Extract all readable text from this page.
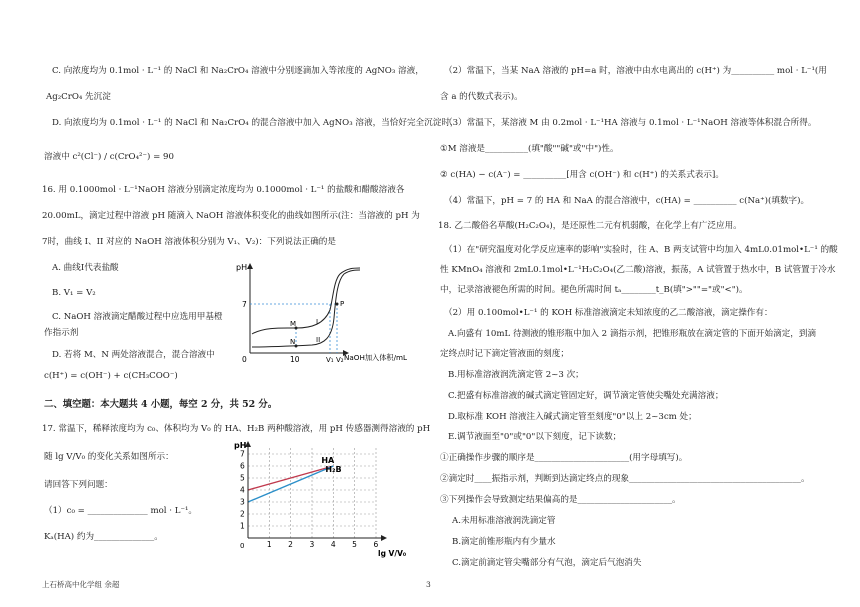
C. 向浓度均为 0.1mol · L⁻¹ 的 NaCl 和 Na₂CrO₄ 溶液中分别逐滴加入等浓度的 AgNO₃ 溶液，
Ag₂CrO₄ 先沉淀
D. 向浓度均为 0.1mol · L⁻¹ 的 NaCl 和 Na₂CrO₄ 的混合溶液中加入 AgNO₃ 溶液，当恰好完全沉淀时，
溶液中 c²(Cl⁻) / c(CrO₄²⁻) = 90
16. 用 0.1000mol · L⁻¹NaOH 溶液分别滴定浓度均为 0.1000mol · L⁻¹ 的盐酸和醋酸溶液各
20.00mL，滴定过程中溶液 pH 随滴入 NaOH 溶液体积变化的曲线如图所示(注：当溶液的 pH 为
7时，曲线 I、II 对应的 NaOH 溶液体积分别为 V₁、V₂)：下列说法正确的是
A. 曲线Ⅰ代表盐酸
B. V₁ = V₂
C. NaOH 溶液滴定醋酸过程中应选用甲基橙
作指示剂
D. 若将 M、N 两处溶液混合，混合溶液中
c(H⁺) = c(OH⁻) + c(CH₃COO⁻)
二、填空题：本大题共 4 小题，每空 2 分，共 52 分。
17. 常温下，稀释浓度均为 c₀、体积均为 V₀ 的 HA、H₂B 两种酸溶液，用 pH 传感器测得溶液的 pH
随 lg V/V₀ 的变化关系如图所示：
请回答下列问题：
（1）c₀ = ______________ mol · L⁻¹。
Kₐ(HA) 约为______________。
上石桥高中化学组 余超
pH
7
0	10	V₁ V₂ NaOH加入体积/mL
M
N
P
I
II
1 2 3 4 5 6
1
2
3
4
5
6
7
HA
H₂B
pH
0
lg V/V₀
（2）常温下，当某 NaA 溶液的 pH=a 时，溶液中由水电离出的 c(H⁺) 为__________ mol · L⁻¹(用
含 a 的代数式表示)。
（3）常温下，某溶液 M 由 0.2mol · L⁻¹HA 溶液与 0.1mol · L⁻¹NaOH 溶液等体积混合所得。
①M 溶液是__________(填"酸""碱"或"中")性。
② c(HA) − c(A⁻) = __________[用含 c(OH⁻) 和 c(H⁺) 的关系式表示]。
（4）常温下，pH = 7 的 HA 和 NaA 的混合溶液中，c(HA) = __________ c(Na⁺)(填数字)。
18. 乙二酸俗名草酸(H₂C₂O₄)，是还原性二元有机弱酸，在化学上有广泛应用。
（1）在"研究温度对化学反应速率的影响"实验时，往 A、B 两支试管中均加入 4mL0.01mol•L⁻¹ 的酸
性 KMnO₄ 溶液和 2mL0.1mol•L⁻¹H₂C₂O₄(乙二酸)溶液，振荡，A 试管置于热水中，B 试管置于冷水
中，记录溶液褪色所需的时间。褪色所需时间 tₐ________t_B(填">""="或"<")。
（2）用 0.100mol•L⁻¹ 的 KOH 标准溶液滴定未知浓度的乙二酸溶液，滴定操作有：
A.向盛有 10mL 待测液的锥形瓶中加入 2 滴指示剂，把锥形瓶放在滴定管的下面开始滴定，到滴
定终点时记下滴定管液面的刻度；
B.用标准溶液润洗滴定管 2~3 次；
C.把盛有标准溶液的碱式滴定管固定好，调节滴定管使尖嘴处充满溶液；
D.取标准 KOH 溶液注入碱式滴定管至刻度"0"以上 2~3cm 处；
E.调节液面至"0"或"0"以下刻度，记下读数；
①正确操作步骤的顺序是______________________(用字母填写)。
②滴定时____振指示剂，判断到达滴定终点的现象________________________________________。
③下列操作会导致测定结果偏高的是______________________。
A.未用标准溶液润洗滴定管
B.滴定前锥形瓶内有少量水
C.滴定前滴定管尖嘴部分有气泡，滴定后气泡消失
3
